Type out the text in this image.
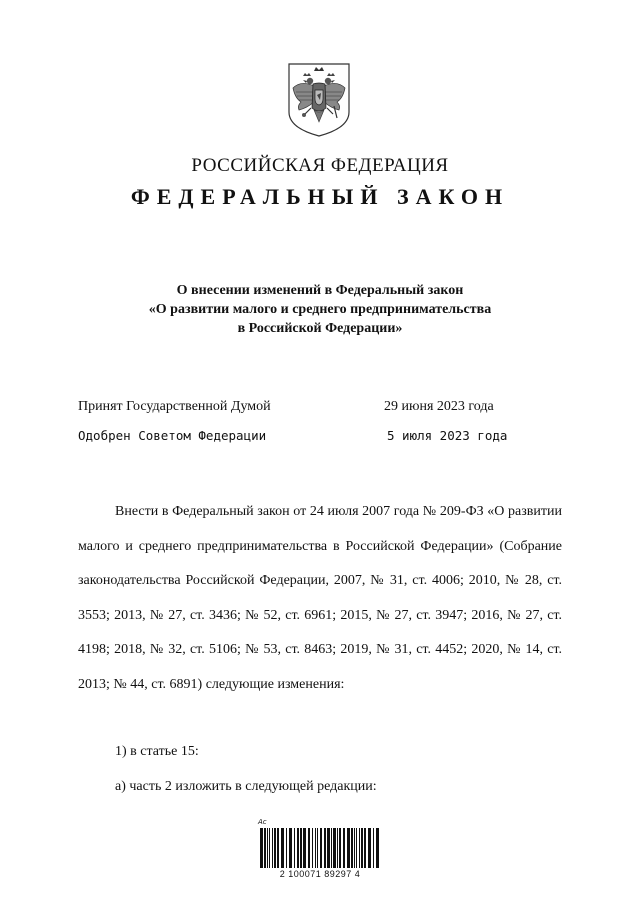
РОССИЙСКАЯ ФЕДЕРАЦИЯ
ФЕДЕРАЛЬНЫЙ ЗАКОН
О внесении изменений в Федеральный закон
«О развитии малого и среднего предпринимательства
в Российской Федерации»
Принят Государственной Думой	29 июня 2023 года
Одобрен Советом Федерации	5 июля 2023 года

Внести в Федеральный закон от 24 июля 2007 года № 209-ФЗ «О развитии малого и среднего предпринимательства в Российской Федерации» (Собрание законодательства Российской Федерации, 2007, № 31, ст. 4006; 2010, № 28, ст. 3553; 2013, № 27, ст. 3436; № 52, ст. 6961; 2015, № 27, ст. 3947; 2016, № 27, ст. 4198; 2018, № 32, ст. 5106; № 53, ст. 8463; 2019, № 31, ст. 4452; 2020, № 14, ст. 2013; № 44, ст. 6891) следующие изменения:

1) в статье 15:
а) часть 2 изложить в следующей редакции:
Ас
2 100071 89297 4
